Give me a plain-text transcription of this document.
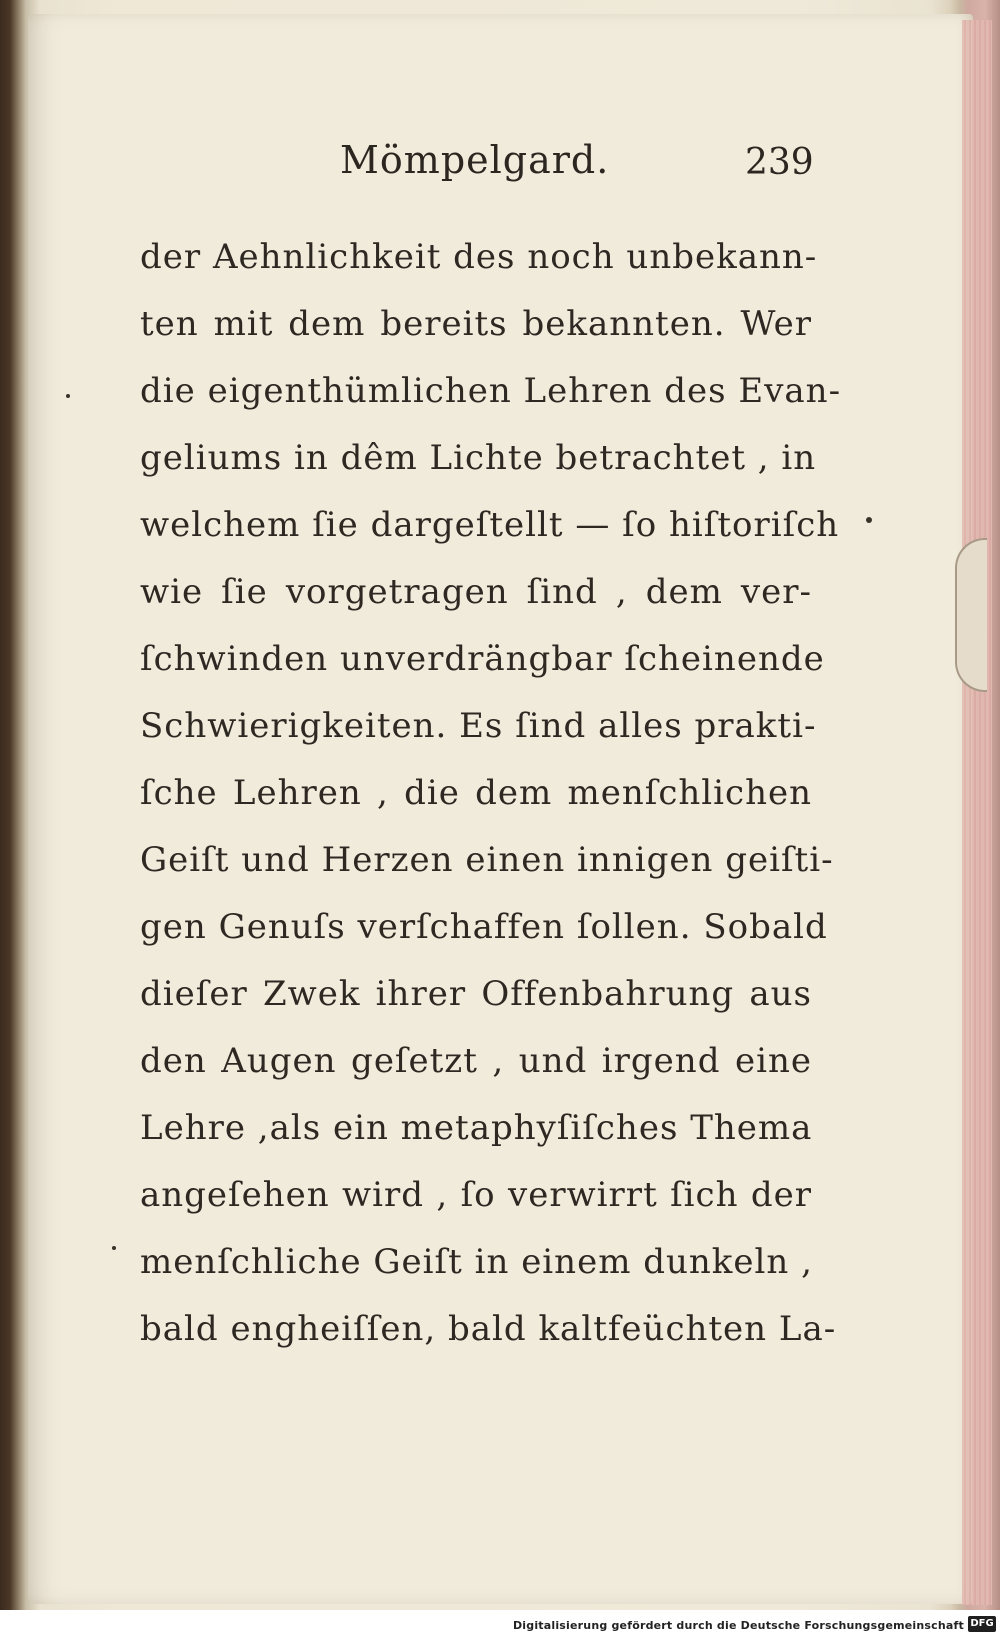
Mömpelgard.	239
der Aehnlichkeit des noch unbekann-
ten mit dem bereits bekannten. Wer
die eigenthümlichen Lehren des Evan-
geliums in dêm Lichte betrachtet , in
welchem ſie dargeſtellt — ſo hiſtoriſch
wie ſie vorgetragen ſind , dem ver-
ſchwinden unverdrängbar ſcheinende
Schwierigkeiten. Es ſind alles prakti-
ſche Lehren , die dem menſchlichen
Geiſt und Herzen einen innigen geiſti-
gen Genuſs verſchaffen ſollen. Sobald
dieſer Zwek ihrer Offenbahrung aus
den Augen geſetzt , und irgend eine
Lehre ,als ein metaphyſiſches Thema
angeſehen wird , ſo verwirrt ſich der
menſchliche Geiſt in einem dunkeln ,
bald engheiſſen, bald kaltfeüchten La-
Digitalisierung gefördert durch die Deutsche Forschungsgemeinschaft DFG
